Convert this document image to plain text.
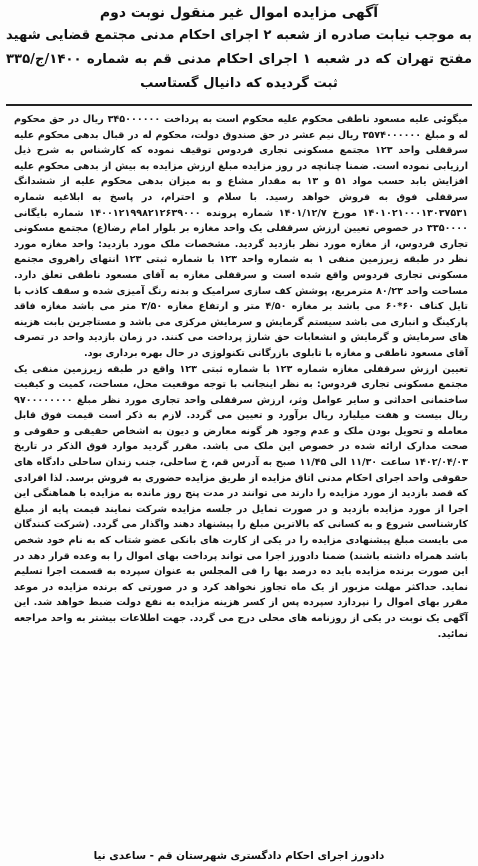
آگهی مزایده اموال غیر منقول نوبت دوم

به موجب نیابت صادره از شعبه ۲ اجرای احکام مدنی مجتمع قضایی شهید مفتح تهران که در شعبه ۱ اجرای احکام مدنی قم به شماره ۱۴۰۰/ج/۳۳۵ ثبت گردیده که دانیال گستاسب

میگوئی علیه مسعود ناطقی محکوم علیه محکوم است به پرداخت ۳۴۵۰۰۰۰۰۰ ریال در حق محکوم له و مبلغ ۳۵۷۴۰۰۰۰۰۰ ریال نیم عشر در حق صندوق دولت، محکوم له در قبال بدهی محکوم علیه سرقفلی واحد ۱۲۳ مجتمع مسکونی تجاری فردوس توقیف نموده که کارشناس به شرح ذیل ارزیابی نموده است. ضمنا چنانچه در روز مزایده مبلغ ارزش مزایده به بیش از بدهی محکوم علیه افزایش یابد حسب مواد ۵۱ و ۱۳ به مقدار مشاع و به میزان بدهی محکوم علیه از ششدانگ سرقفلی فوق به فروش خواهد رسید. با سلام و احترام، در پاسخ به ابلاغیه شماره ۱۴۰۱۰۲۱۰۰۰۱۳۰۳۷۵۳۱ مورخ ۱۴۰۱/۱۲/۷ شماره پرونده ۱۴۰۰۱۲۱۹۹۸۲۱۲۶۳۹۰۰۰ شماره بایگانی ۳۳۵۰۰۰۰ در خصوص تعیین ارزش سرقفلی یک واحد مغازه بر بلوار امام رضا(ع) مجتمع مسکونی تجاری فردوس، از مغازه مورد نظر بازدید گردید. مشخصات ملک مورد بازدید: واحد مغازه مورد نظر در طبقه زیرزمین منفی ۱ به شماره واحد ۱۲۳ با شماره ثبتی ۱۲۳ انتهای راهروی مجتمع مسکونی تجاری فردوس واقع شده است و سرقفلی مغازه به آقای مسعود ناطقی تعلق دارد. مساحت واحد ۸۰/۲۳ مترمربع، پوشش کف سازی سرامیک و بدنه رنگ آمیزی شده و سقف کاذب با تایل کناف ۶۰*۶۰ می باشد بر مغازه ۴/۵۰ متر و ارتفاع مغازه ۳/۵۰ متر می باشد مغازه فاقد پارکینگ و انباری می باشد سیستم گرمایش و سرمایش مرکزی می باشد و مستاجرین بابت هزینه های سرمایش و گرمایش و انشعابات حق شارژ پرداخت می کنند. در زمان بازدید واحد در تصرف آقای مسعود ناطقی و مغازه با تابلوی بازرگانی تکنولوژی در حال بهره برداری بود.

تعیین ارزش سرقفلی مغازه شماره ۱۲۳ با شماره ثبتی ۱۲۳ واقع در طبقه زیرزمین منفی یک مجتمع مسکونی تجاری فردوس: به نظر اینجانب با توجه موقعیت محل، مساحت، کمیت و کیفیت ساختمانی احداثی و سایر عوامل وثر، ارزش سرقفلی واحد تجاری مورد نظر مبلغ ۹۷۰۰۰۰۰۰۰۰ ریال بیست و هفت میلیارد ریال برآورد و تعیین می گردد. لازم به ذکر است قیمت فوق قابل معامله و تحویل بودن ملک و عدم وجود هر گونه معارض و دیون به اشخاص حقیقی و حقوقی و صحت مدارک ارائه شده در خصوص این ملک می باشد. مقرر گردید موارد فوق الذکر در تاریخ ۱۴۰۲/۰۴/۰۳ ساعت ۱۱/۳۰ الی ۱۱/۴۵ صبح به آدرس قم، خ ساحلی، جنب زندان ساحلی دادگاه های حقوقی واحد اجرای احکام مدنی اتاق مزایده از طریق مزایده حضوری به فروش برسد. لذا افرادی که قصد بازدید از مورد مزایده را دارند می توانند در مدت پنج روز مانده به مزایده با هماهنگی این اجرا از مورد مزایده بازدید و در صورت تمایل در جلسه مزایده شرکت نمایند قیمت پایه از مبلغ کارشناسی شروع و به کسانی که بالاترین مبلغ را پیشنهاد دهند واگذار می گردد. (شرکت کنندگان می بایست مبلغ پیشنهادی مزایده را در یکی از کارت های بانکی عضو شتاب که به نام خود شخص باشد همراه داشته باشند) ضمنا دادورز اجرا می تواند پرداخت بهای اموال را به وعده قرار دهد در این صورت برنده مزایده باید ده درصد بها را فی المجلس به عنوان سپرده به قسمت اجرا تسلیم نماید. حداکثر مهلت مزبور از یک ماه تجاوز نخواهد کرد و در صورتی که برنده مزایده در موعد مقرر بهای اموال را نپردازد سپرده پس از کسر هزینه مزایده به نفع دولت ضبط خواهد شد. این آگهی یک نوبت در یکی از روزنامه های محلی درج می گردد. جهت اطلاعات بیشتر به واحد مراجعه نمائید.

دادورز اجرای احکام دادگستری شهرستان قم - ساعدی نیا
